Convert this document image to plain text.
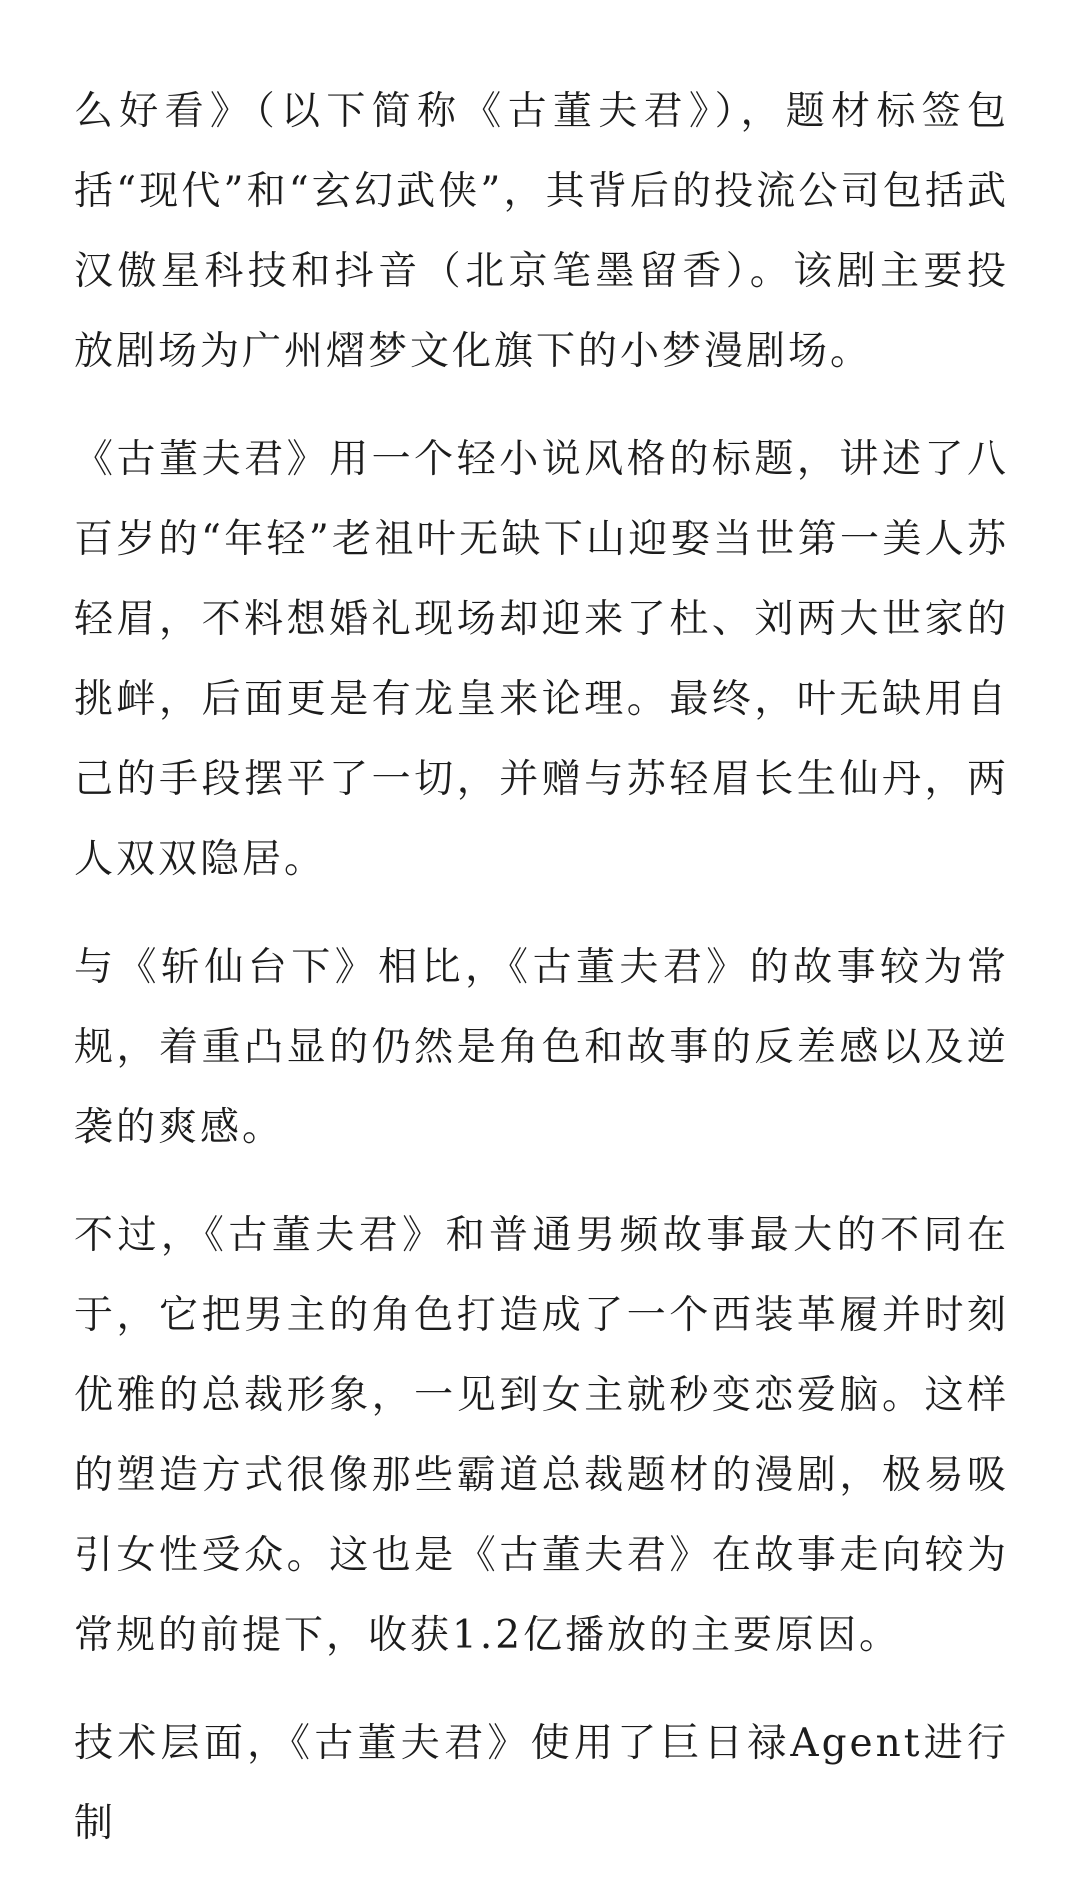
么好看》（以下简称《古董夫君》），题材标签包括“现代”和“玄幻武侠”，其背后的投流公司包括武汉傲星科技和抖音（北京笔墨留香）。该剧主要投放剧场为广州熠梦文化旗下的小梦漫剧场。

《古董夫君》用一个轻小说风格的标题，讲述了八百岁的“年轻”老祖叶无缺下山迎娶当世第一美人苏轻眉，不料想婚礼现场却迎来了杜、刘两大世家的挑衅，后面更是有龙皇来论理。最终，叶无缺用自己的手段摆平了一切，并赠与苏轻眉长生仙丹，两人双双隐居。

与《斩仙台下》相比，《古董夫君》的故事较为常规，着重凸显的仍然是角色和故事的反差感以及逆袭的爽感。

不过，《古董夫君》和普通男频故事最大的不同在于，它把男主的角色打造成了一个西装革履并时刻优雅的总裁形象，一见到女主就秒变恋爱脑。这样的塑造方式很像那些霸道总裁题材的漫剧，极易吸引女性受众。这也是《古董夫君》在故事走向较为常规的前提下，收获1.2亿播放的主要原因。

技术层面，《古董夫君》使用了巨日禄Agent进行制
